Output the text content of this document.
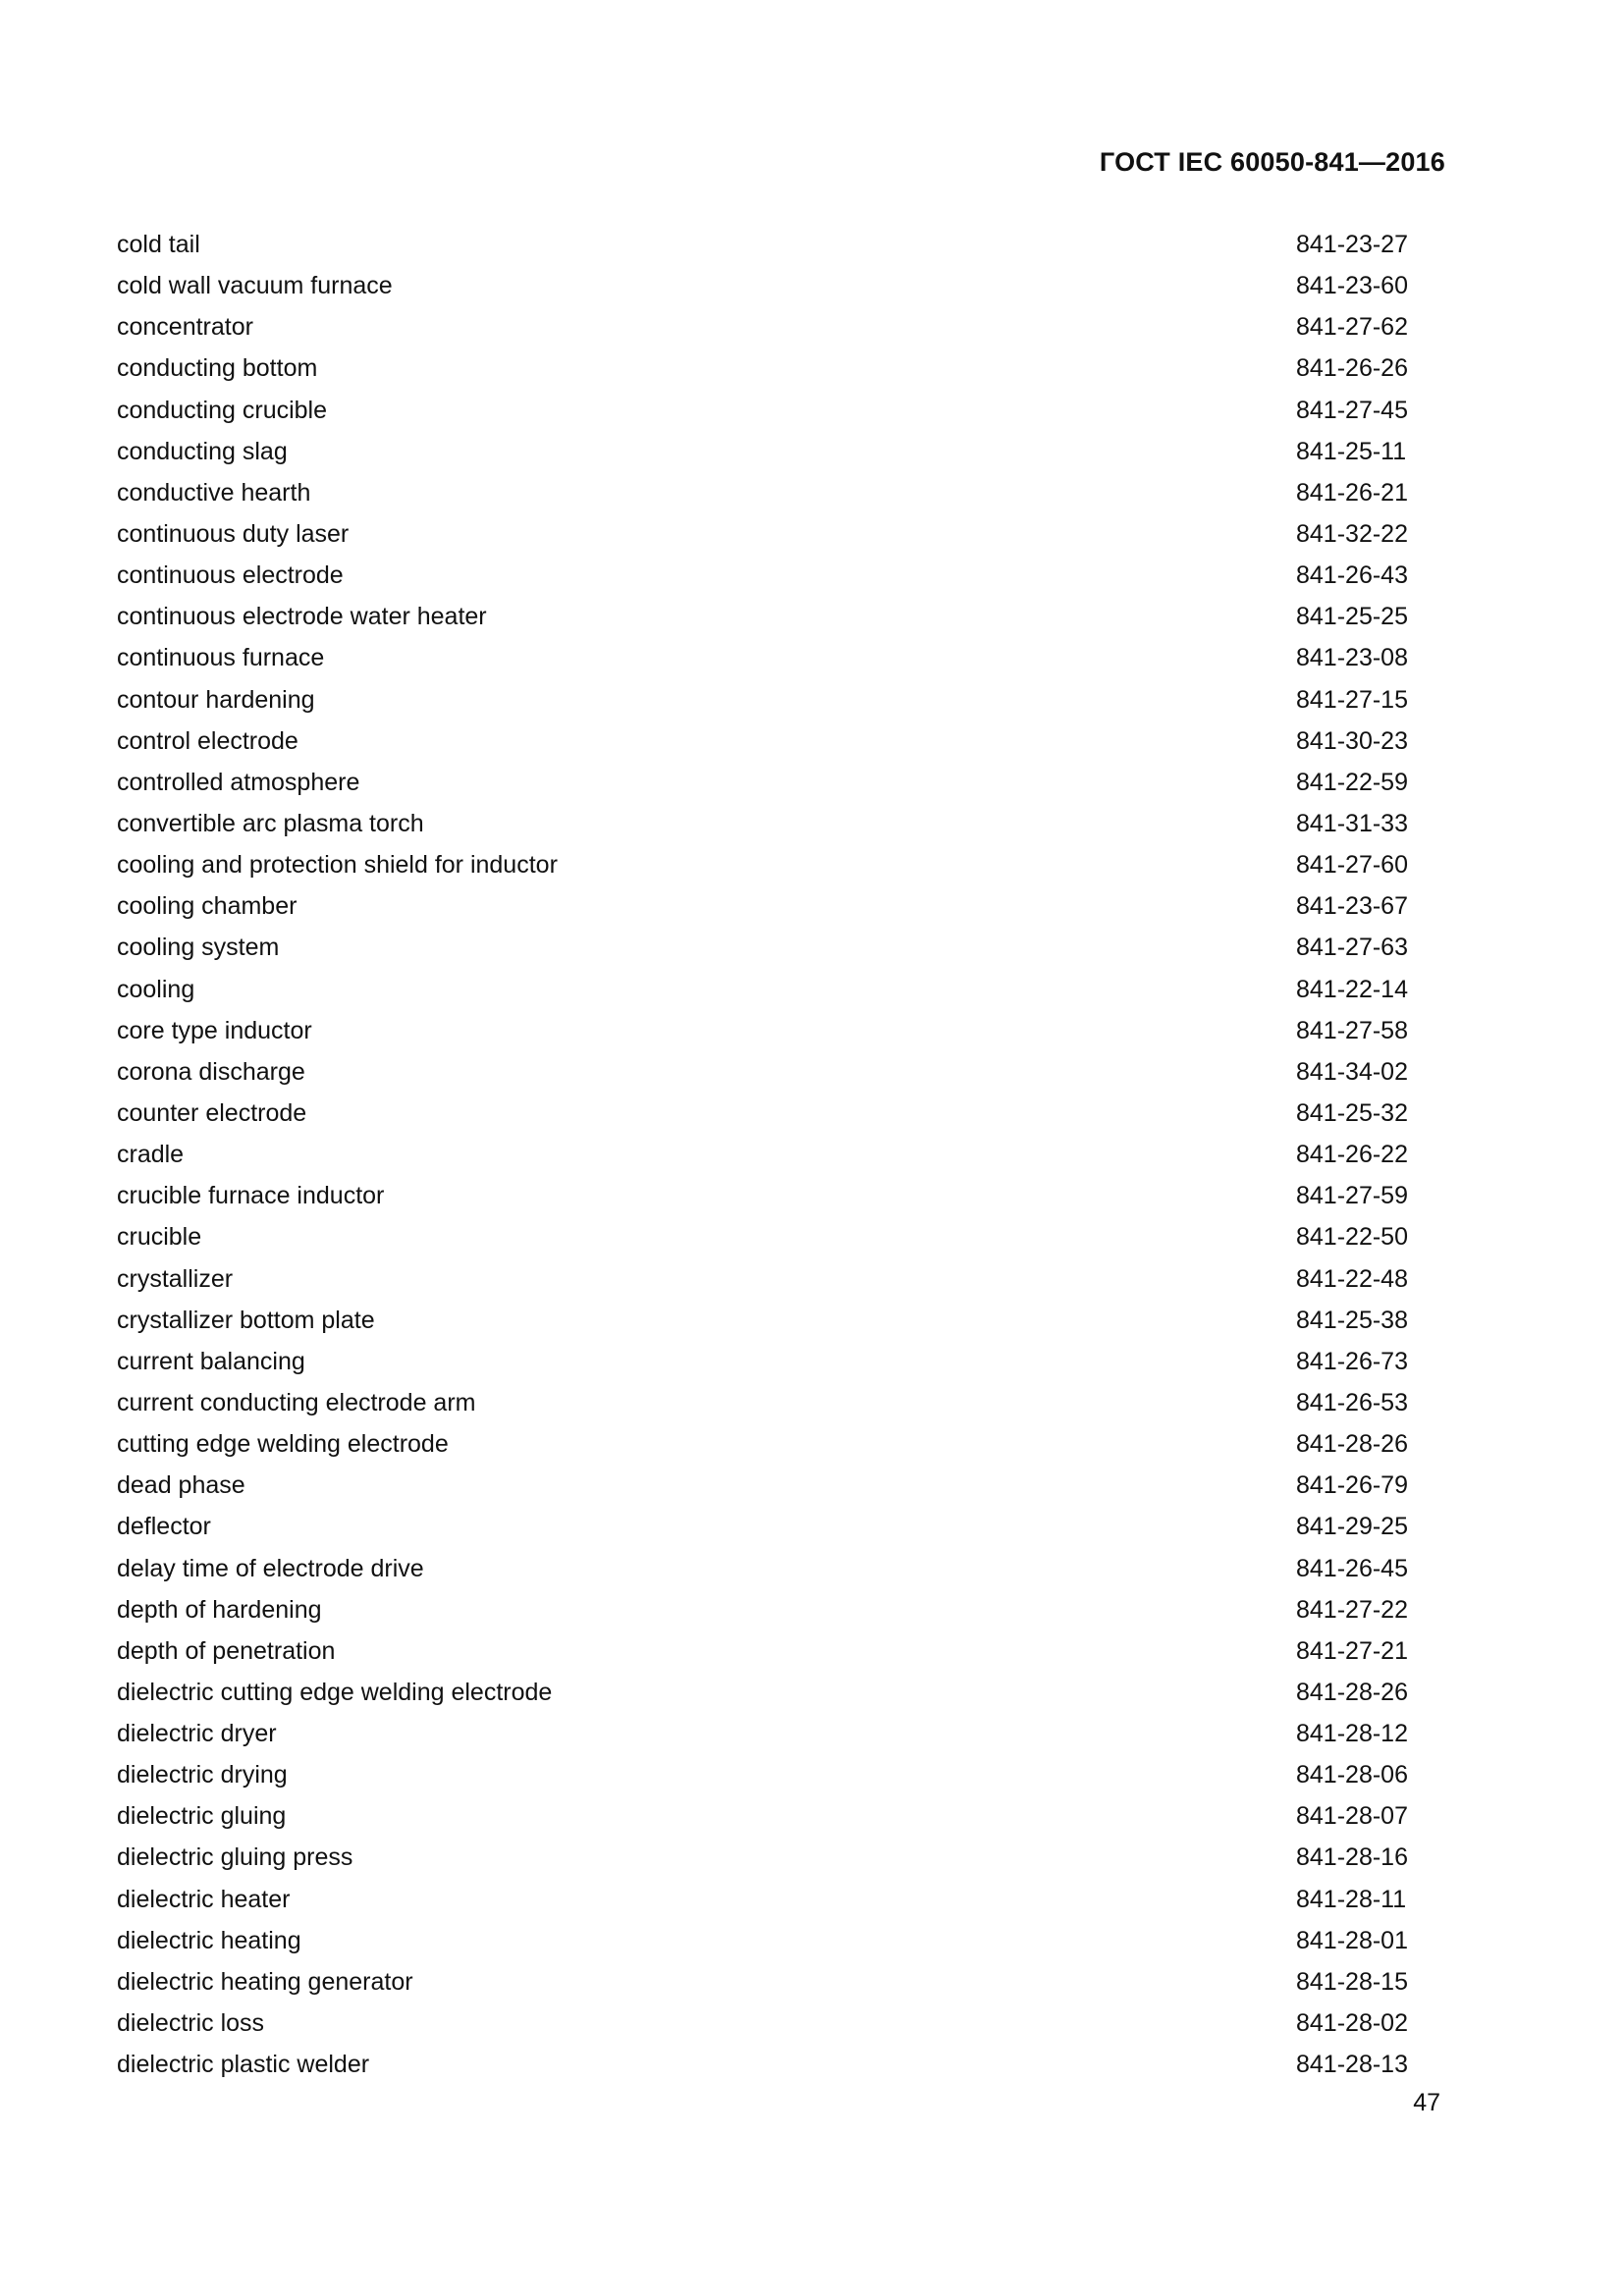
ГОСТ IEC 60050-841—2016
cold tail	841-23-27
cold wall vacuum furnace	841-23-60
concentrator	841-27-62
conducting bottom	841-26-26
conducting crucible	841-27-45
conducting slag	841-25-11
conductive hearth	841-26-21
continuous duty laser	841-32-22
continuous electrode	841-26-43
continuous electrode water heater	841-25-25
continuous furnace	841-23-08
contour hardening	841-27-15
control electrode	841-30-23
controlled atmosphere	841-22-59
convertible arc plasma torch	841-31-33
cooling and protection shield for inductor	841-27-60
cooling chamber	841-23-67
cooling system	841-27-63
cooling	841-22-14
core type inductor	841-27-58
corona discharge	841-34-02
counter electrode	841-25-32
cradle	841-26-22
crucible furnace inductor	841-27-59
crucible	841-22-50
crystallizer	841-22-48
crystallizer bottom plate	841-25-38
current balancing	841-26-73
current conducting electrode arm	841-26-53
cutting edge welding electrode	841-28-26
dead phase	841-26-79
deflector	841-29-25
delay time of electrode drive	841-26-45
depth of hardening	841-27-22
depth of penetration	841-27-21
dielectric cutting edge welding electrode	841-28-26
dielectric dryer	841-28-12
dielectric drying	841-28-06
dielectric gluing	841-28-07
dielectric gluing press	841-28-16
dielectric heater	841-28-11
dielectric heating	841-28-01
dielectric heating generator	841-28-15
dielectric loss	841-28-02
dielectric plastic welder	841-28-13
47
